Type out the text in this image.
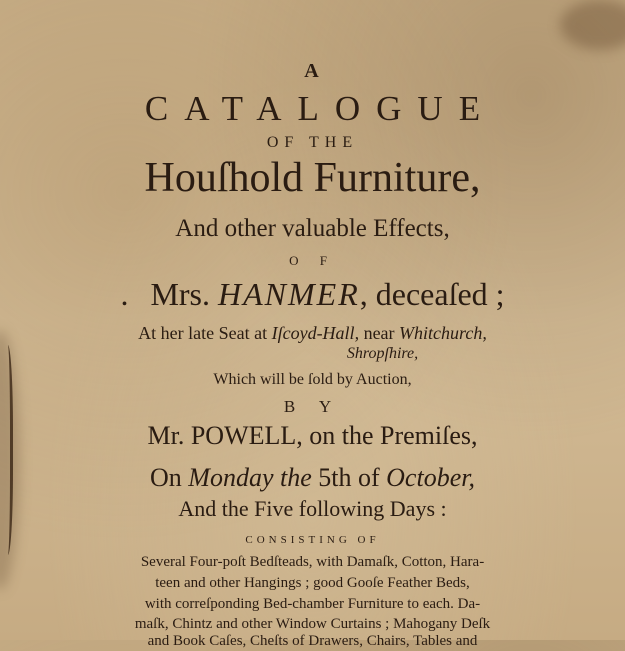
A
CATALOGUE
OF THE
Houſhold Furniture,
And other valuable Effects,
O F
. Mrs. HANMER, deceaſed ;
At her late Seat at Iſcoyd-Hall, near Whitchurch,
Shropſhire,
Which will be ſold by Auction,
B Y
Mr. POWELL, on the Premiſes,
On Monday the 5th of October,
And the Five following Days :
CONSISTING OF
Several Four-poſt Bedſteads, with Damaſk, Cotton, Hara-
teen and other Hangings ; good Gooſe Feather Beds,
with correſponding Bed-chamber Furniture to each. Da-
maſk, Chintz and other Window Curtains ; Mahogany Deſk
and Book Caſes, Cheſts of Drawers, Chairs, Tables and
